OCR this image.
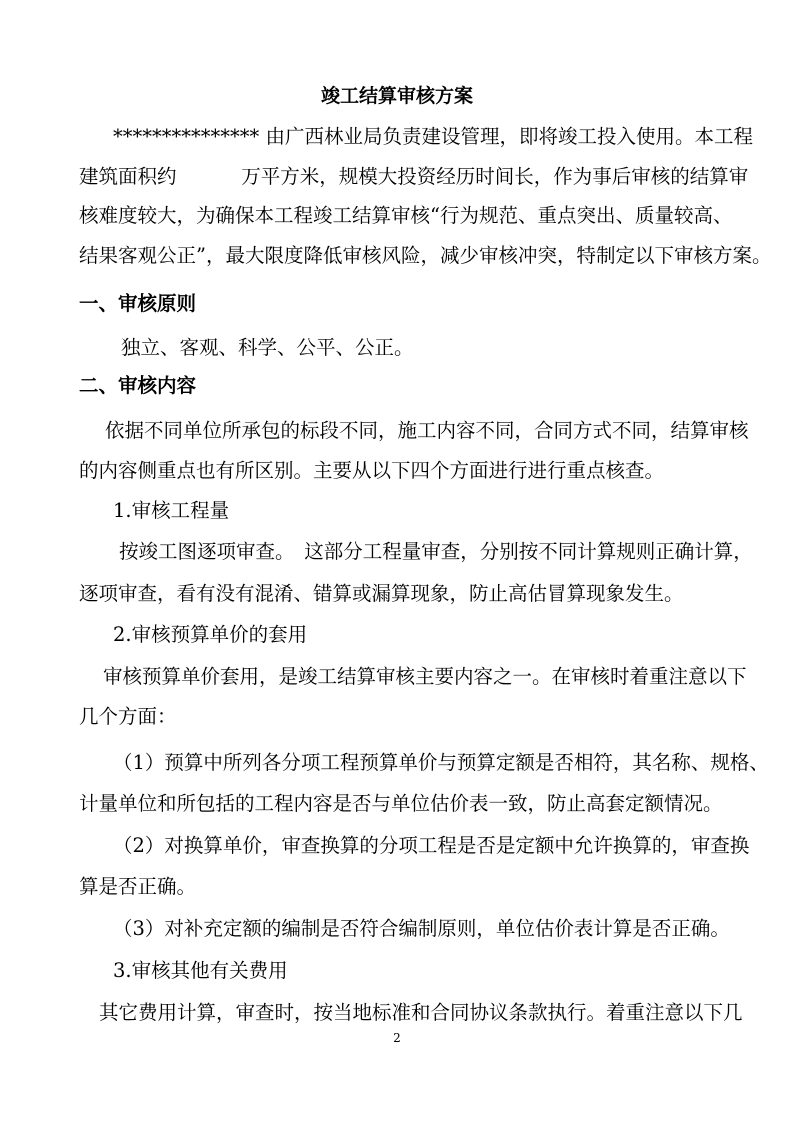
竣工结算审核方案
*************** 由广西林业局负责建设管理，即将竣工投入使用。本工程
建筑面积约 　　　万平方米，规模大投资经历时间长，作为事后审核的结算审
核难度较大，为确保本工程竣工结算审核“行为规范、重点突出、质量较高、
结果客观公正”，最大限度降低审核风险，减少审核冲突，特制定以下审核方案。
一、审核原则
独立、客观、科学、公平、公正。
二、审核内容
依据不同单位所承包的标段不同，施工内容不同，合同方式不同，结算审核
的内容侧重点也有所区别。主要从以下四个方面进行进行重点核查。
1.审核工程量
按竣工图逐项审查。　这部分工程量审查，分别按不同计算规则正确计算，
逐项审查，看有没有混淆、错算或漏算现象，防止高估冒算现象发生。
2.审核预算单价的套用
审核预算单价套用，是竣工结算审核主要内容之一。在审核时着重注意以下
几个方面：
（1）预算中所列各分项工程预算单价与预算定额是否相符，其名称、规格、
计量单位和所包括的工程内容是否与单位估价表一致，防止高套定额情况。
（2）对换算单价，审查换算的分项工程是否是定额中允许换算的，审查换
算是否正确。
（3）对补充定额的编制是否符合编制原则，单位估价表计算是否正确。
3.审核其他有关费用
其它费用计算，审查时，按当地标准和合同协议条款执行。着重注意以下几
2
